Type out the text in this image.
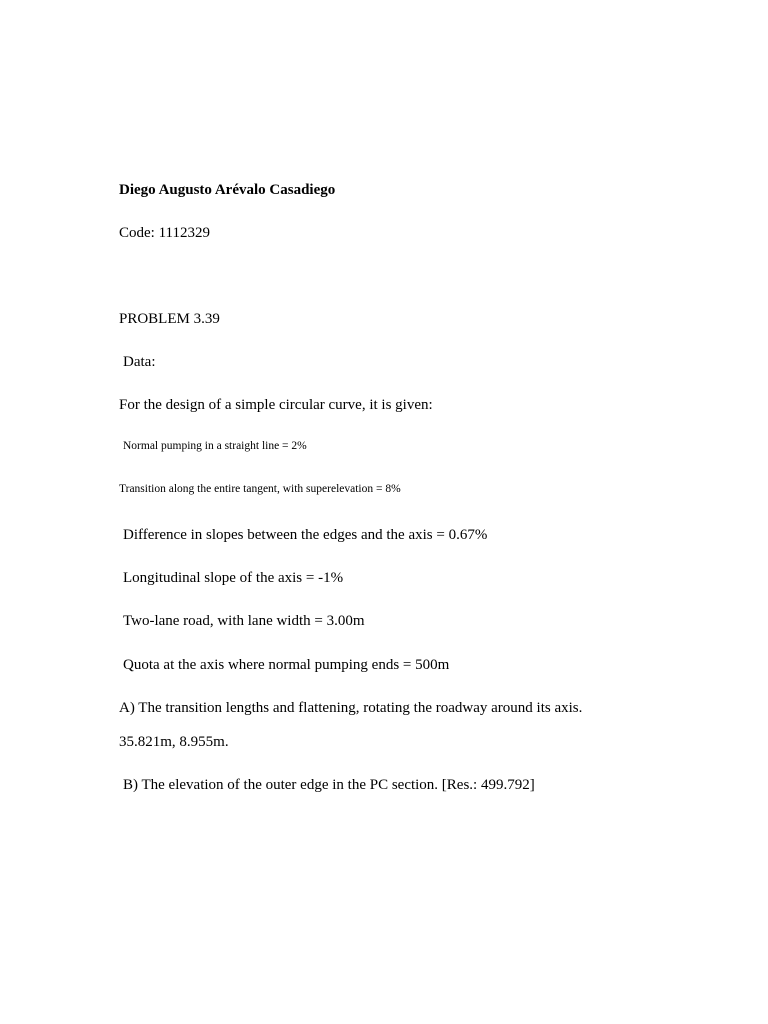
Diego Augusto Arévalo Casadiego
Code: 1112329
PROBLEM 3.39
Data:
For the design of a simple circular curve, it is given:
Normal pumping in a straight line = 2%
Transition along the entire tangent, with superelevation = 8%
Difference in slopes between the edges and the axis = 0.67%
Longitudinal slope of the axis = -1%
Two-lane road, with lane width = 3.00m
Quota at the axis where normal pumping ends = 500m
A) The transition lengths and flattening, rotating the roadway around its axis.
35.821m, 8.955m.
B) The elevation of the outer edge in the PC section. [Res.: 499.792]
